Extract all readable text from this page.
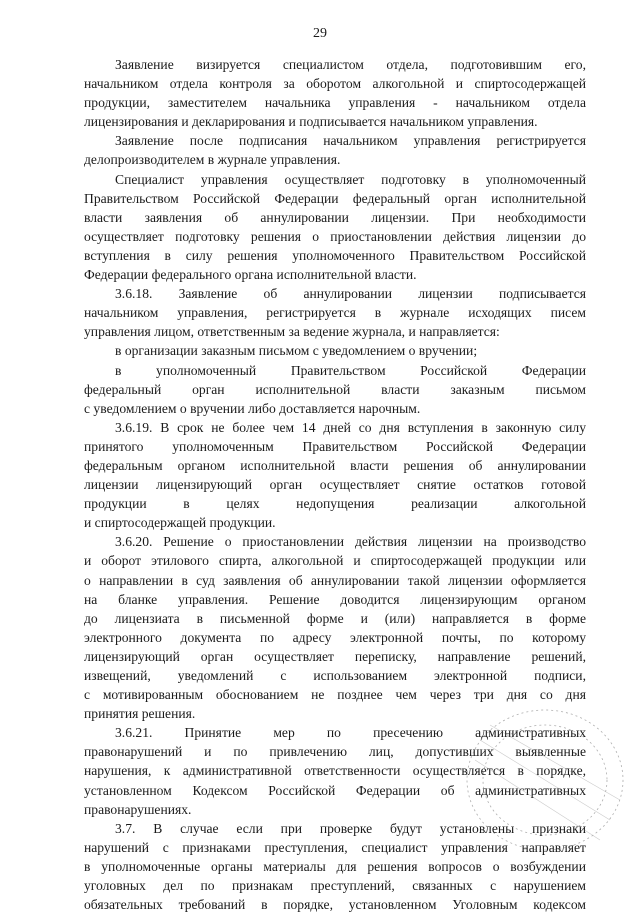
29
Заявление визируется специалистом отдела, подготовившим его,
начальником отдела контроля за оборотом алкогольной и спиртосодержащей
продукции, заместителем начальника управления - начальником отдела
лицензирования и декларирования и подписывается начальником управления.
Заявление после подписания начальником управления регистрируется
делопроизводителем в журнале управления.
Специалист управления осуществляет подготовку в уполномоченный
Правительством Российской Федерации федеральный орган исполнительной
власти заявления об аннулировании лицензии. При необходимости
осуществляет подготовку решения о приостановлении действия лицензии до
вступления в силу решения уполномоченного Правительством Российской
Федерации федерального органа исполнительной власти.
3.6.18. Заявление об аннулировании лицензии подписывается
начальником управления, регистрируется в журнале исходящих писем
управления лицом, ответственным за ведение журнала, и направляется:
в организации заказным письмом с уведомлением о вручении;
в уполномоченный Правительством Российской Федерации
федеральный орган исполнительной власти заказным письмом
с уведомлением о вручении либо доставляется нарочным.
3.6.19. В срок не более чем 14 дней со дня вступления в законную силу
принятого уполномоченным Правительством Российской Федерации
федеральным органом исполнительной власти решения об аннулировании
лицензии лицензирующий орган осуществляет снятие остатков готовой
продукции в целях недопущения реализации алкогольной
и спиртосодержащей продукции.
3.6.20. Решение о приостановлении действия лицензии на производство
и оборот этилового спирта, алкогольной и спиртосодержащей продукции или
о направлении в суд заявления об аннулировании такой лицензии оформляется
на бланке управления. Решение доводится лицензирующим органом
до лицензиата в письменной форме и (или) направляется в форме
электронного документа по адресу электронной почты, по которому
лицензирующий орган осуществляет переписку, направление решений,
извещений, уведомлений с использованием электронной подписи,
с мотивированным обоснованием не позднее чем через три дня со дня
принятия решения.
3.6.21. Принятие мер по пресечению административных
правонарушений и по привлечению лиц, допустивших выявленные
нарушения, к административной ответственности осуществляется в порядке,
установленном Кодексом Российской Федерации об административных
правонарушениях.
3.7. В случае если при проверке будут установлены признаки
нарушений с признаками преступления, специалист управления направляет
в уполномоченные органы материалы для решения вопросов о возбуждении
уголовных дел по признакам преступлений, связанных с нарушением
обязательных требований в порядке, установленном Уголовным кодексом
